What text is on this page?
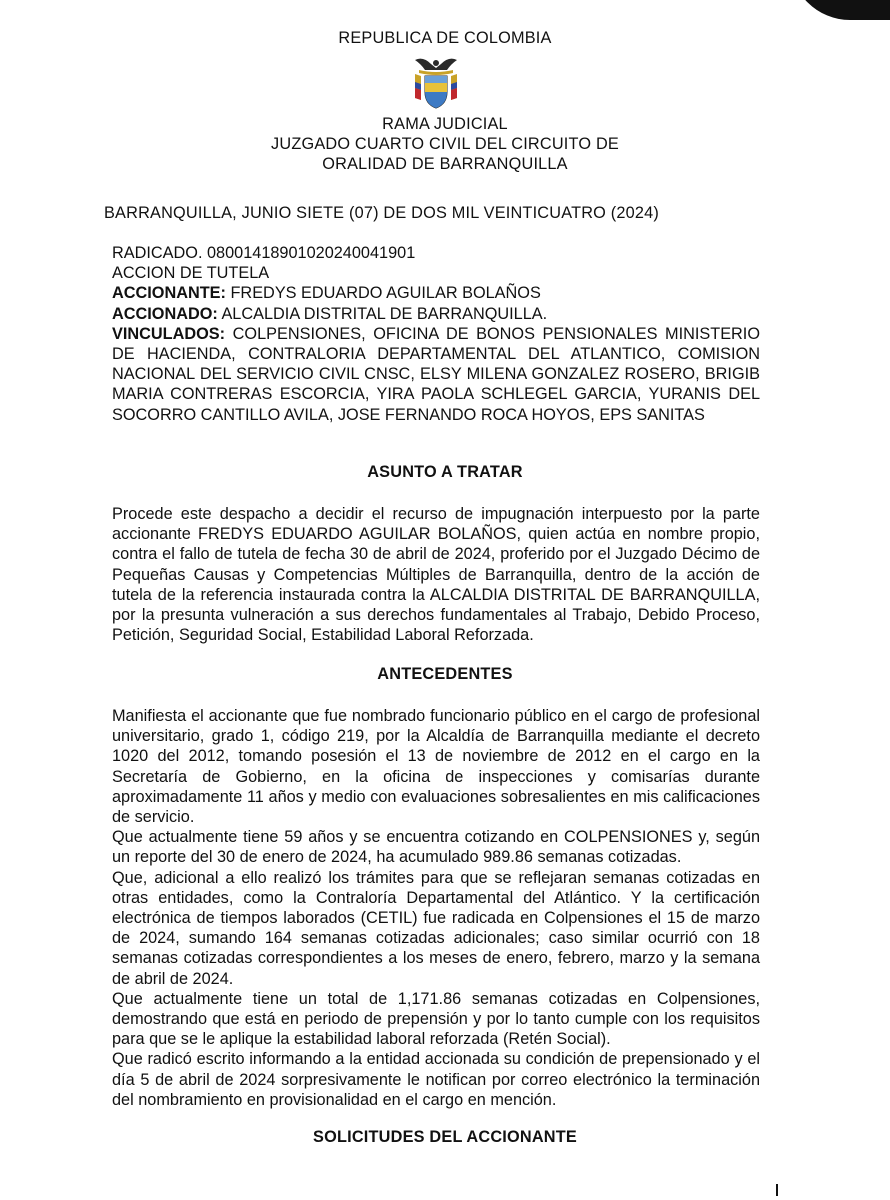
REPUBLICA DE COLOMBIA
RAMA JUDICIAL
JUZGADO CUARTO CIVIL DEL CIRCUITO DE
ORALIDAD DE BARRANQUILLA
BARRANQUILLA, JUNIO SIETE (07) DE DOS MIL VEINTICUATRO (2024)
RADICADO. 08001418901020240041901
ACCION DE TUTELA
ACCIONANTE: FREDYS EDUARDO AGUILAR BOLAÑOS
ACCIONADO: ALCALDIA DISTRITAL DE BARRANQUILLA.
VINCULADOS: COLPENSIONES, OFICINA DE BONOS PENSIONALES MINISTERIO DE HACIENDA, CONTRALORIA DEPARTAMENTAL DEL ATLANTICO, COMISION NACIONAL DEL SERVICIO CIVIL CNSC, ELSY MILENA GONZALEZ ROSERO, BRIGIB MARIA CONTRERAS ESCORCIA, YIRA PAOLA SCHLEGEL GARCIA, YURANIS DEL SOCORRO CANTILLO AVILA, JOSE FERNANDO ROCA HOYOS, EPS SANITAS
ASUNTO A TRATAR

Procede este despacho a decidir el recurso de impugnación interpuesto por la parte accionante FREDYS EDUARDO AGUILAR BOLAÑOS, quien actúa en nombre propio, contra el fallo de tutela de fecha 30 de abril de 2024, proferido por el Juzgado Décimo de Pequeñas Causas y Competencias Múltiples de Barranquilla, dentro de la acción de tutela de la referencia instaurada contra la ALCALDIA DISTRITAL DE BARRANQUILLA, por la presunta vulneración a sus derechos fundamentales al Trabajo, Debido Proceso, Petición, Seguridad Social, Estabilidad Laboral Reforzada.

ANTECEDENTES

Manifiesta el accionante que fue nombrado funcionario público en el cargo de profesional universitario, grado 1, código 219, por la Alcaldía de Barranquilla mediante el decreto 1020 del 2012, tomando posesión el 13 de noviembre de 2012 en el cargo en la Secretaría de Gobierno, en la oficina de inspecciones y comisarías durante aproximadamente 11 años y medio con evaluaciones sobresalientes en mis calificaciones de servicio.

Que actualmente tiene 59 años y se encuentra cotizando en COLPENSIONES y, según un reporte del 30 de enero de 2024, ha acumulado 989.86 semanas cotizadas.

Que, adicional a ello realizó los trámites para que se reflejaran semanas cotizadas en otras entidades, como la Contraloría Departamental del Atlántico. Y la certificación electrónica de tiempos laborados (CETIL) fue radicada en Colpensiones el 15 de marzo de 2024, sumando 164 semanas cotizadas adicionales; caso similar ocurrió con 18 semanas cotizadas correspondientes a los meses de enero, febrero, marzo y la semana de abril de 2024.

Que actualmente tiene un total de 1,171.86 semanas cotizadas en Colpensiones, demostrando que está en periodo de prepensión y por lo tanto cumple con los requisitos para que se le aplique la estabilidad laboral reforzada (Retén Social).

Que radicó escrito informando a la entidad accionada su condición de prepensionado y el día 5 de abril de 2024 sorpresivamente le notifican por correo electrónico la terminación del nombramiento en provisionalidad en el cargo en mención.

SOLICITUDES DEL ACCIONANTE
